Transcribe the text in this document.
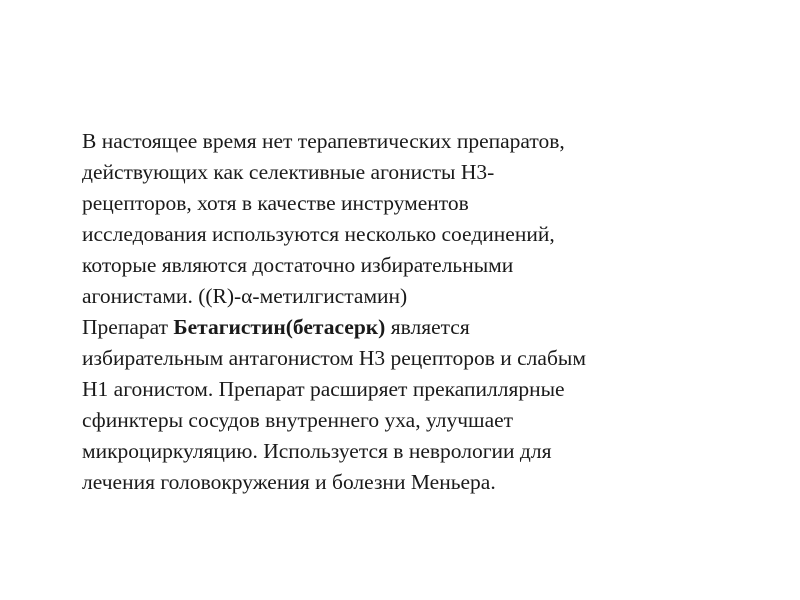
В настоящее время нет терапевтических препаратов,
действующих как селективные агонисты Н3-
рецепторов, хотя в качестве инструментов
исследования используются несколько соединений,
которые являются достаточно избирательными
агонистами. ((R)-α-метилгистамин)
Препарат Бетагистин(бетасерк) является
избирательным антагонистом Н3 рецепторов и слабым
Н1 агонистом. Препарат расширяет прекапиллярные
сфинктеры сосудов внутреннего уха, улучшает
микроциркуляцию. Используется в неврологии для
лечения головокружения и болезни Меньера.
